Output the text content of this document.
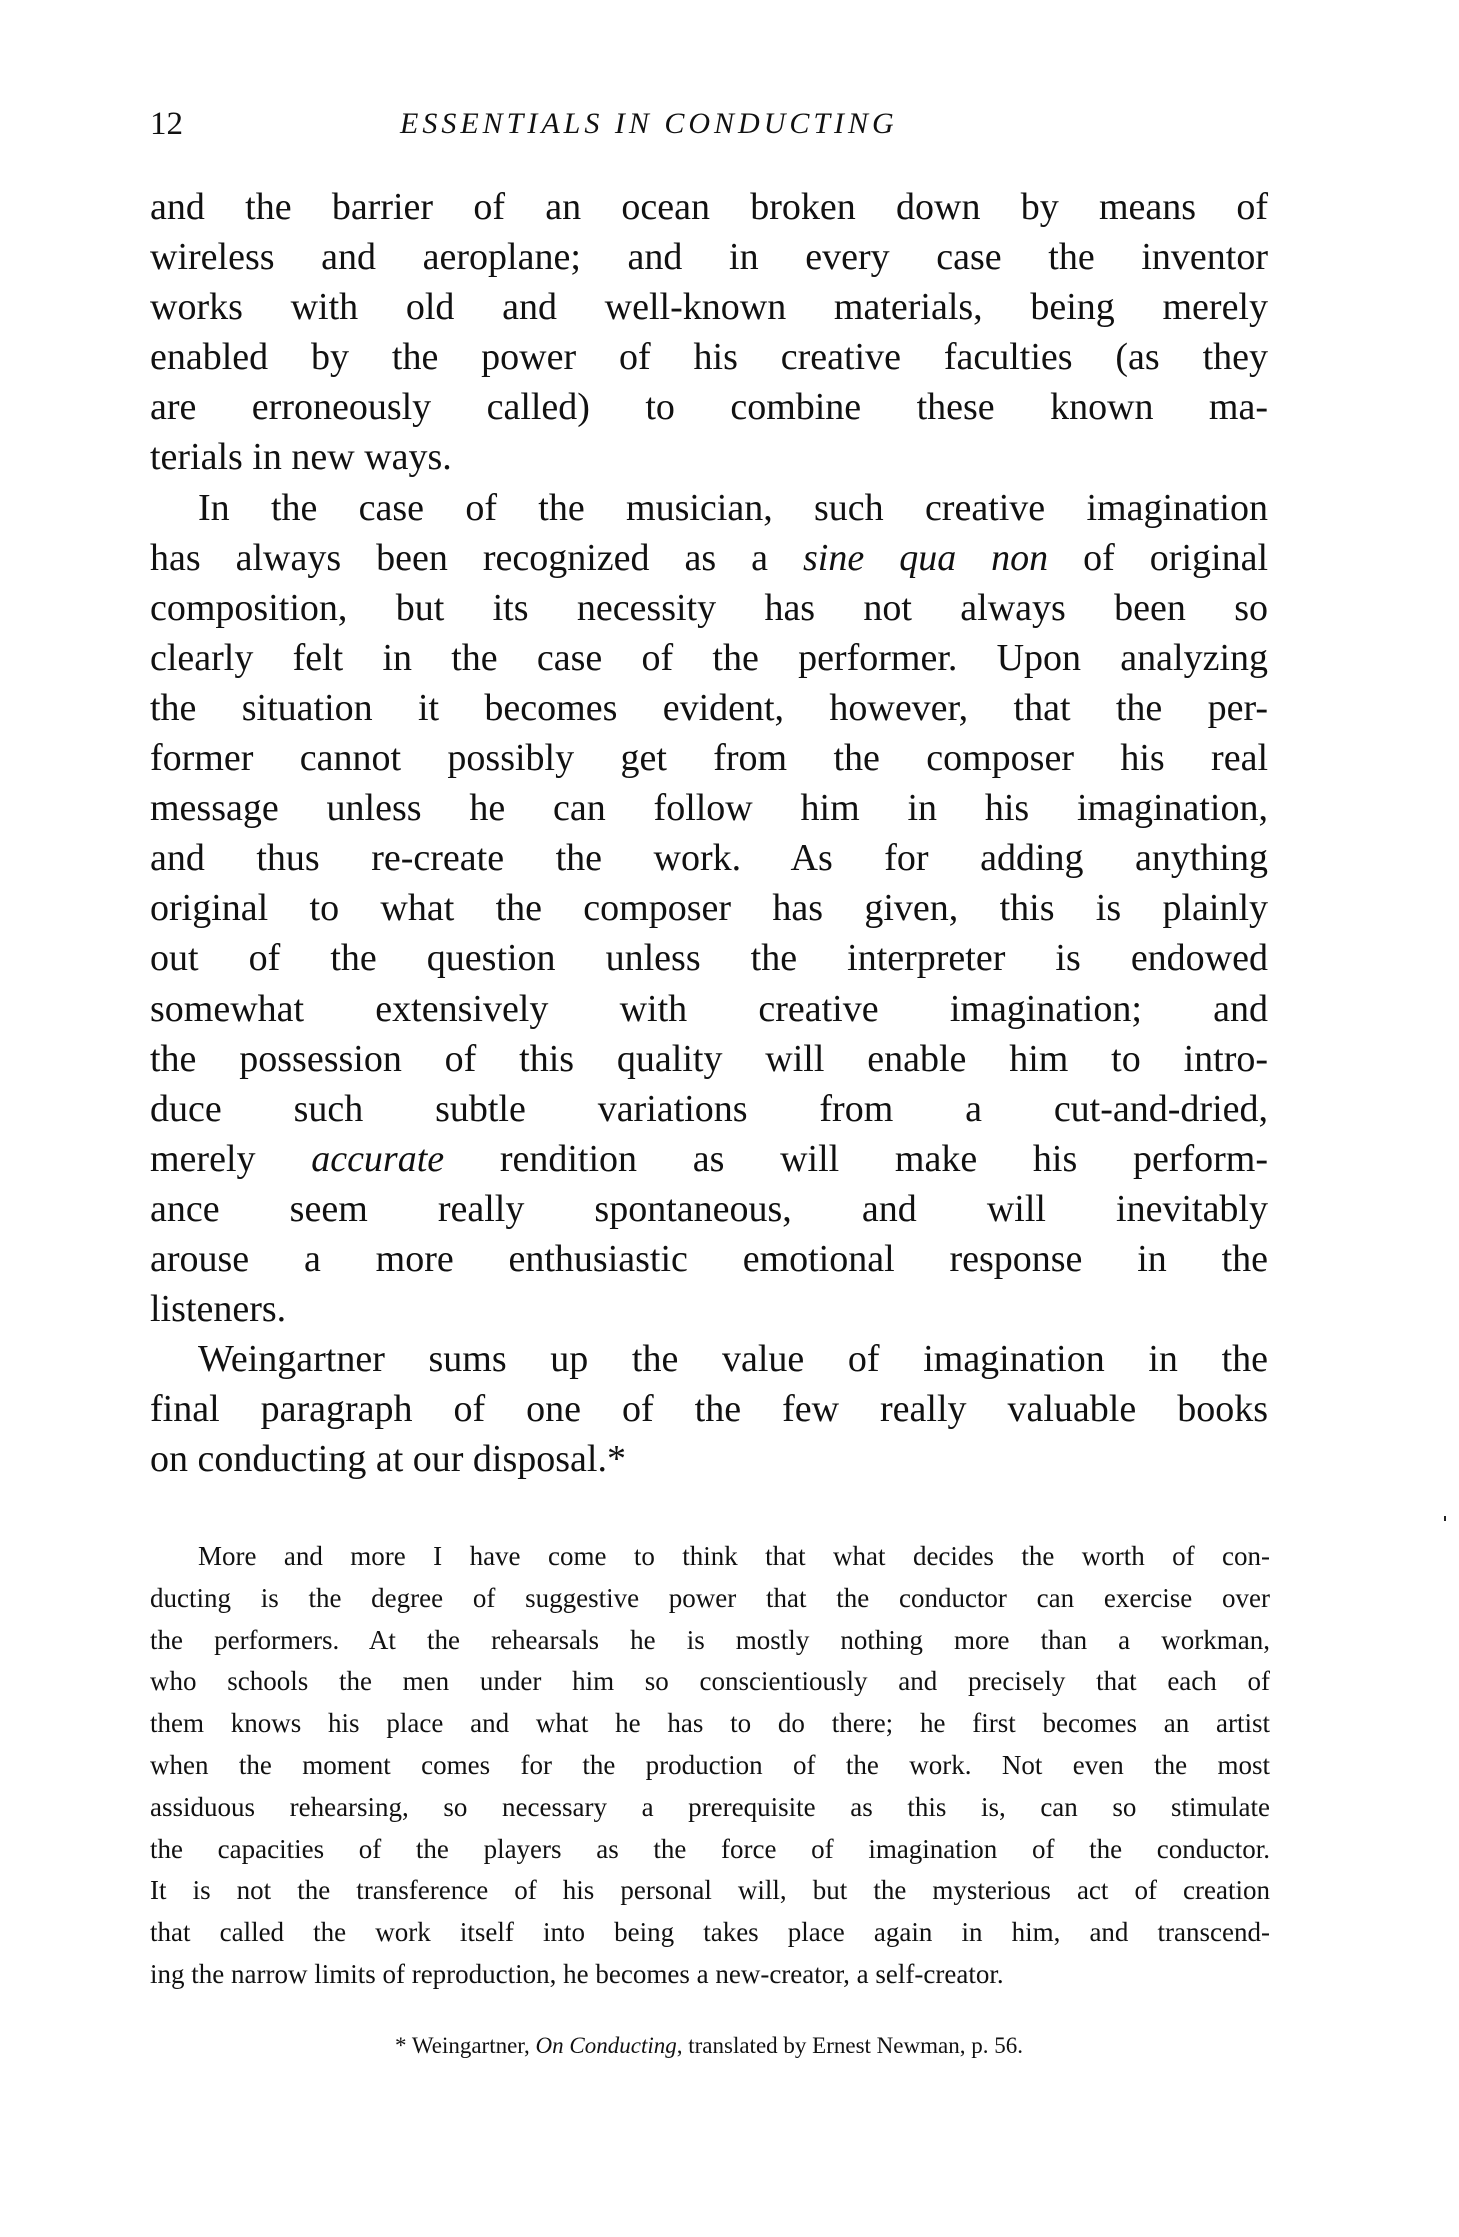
12	ESSENTIALS IN CONDUCTING
and the barrier of an ocean broken down by means of
wireless and aeroplane; and in every case the inventor
works with old and well-known materials, being merely
enabled by the power of his creative faculties (as they
are erroneously called) to combine these known ma-
terials in new ways.
In the case of the musician, such creative imagination
has always been recognized as a sine qua non of original
composition, but its necessity has not always been so
clearly felt in the case of the performer. Upon analyzing
the situation it becomes evident, however, that the per-
former cannot possibly get from the composer his real
message unless he can follow him in his imagination,
and thus re-create the work. As for adding anything
original to what the composer has given, this is plainly
out of the question unless the interpreter is endowed
somewhat extensively with creative imagination; and
the possession of this quality will enable him to intro-
duce such subtle variations from a cut-and-dried,
merely accurate rendition as will make his perform-
ance seem really spontaneous, and will inevitably
arouse a more enthusiastic emotional response in the
listeners.
Weingartner sums up the value of imagination in the
final paragraph of one of the few really valuable books
on conducting at our disposal.*
More and more I have come to think that what decides the worth of con-
ducting is the degree of suggestive power that the conductor can exercise over
the performers. At the rehearsals he is mostly nothing more than a workman,
who schools the men under him so conscientiously and precisely that each of
them knows his place and what he has to do there; he first becomes an artist
when the moment comes for the production of the work. Not even the most
assiduous rehearsing, so necessary a prerequisite as this is, can so stimulate
the capacities of the players as the force of imagination of the conductor.
It is not the transference of his personal will, but the mysterious act of creation
that called the work itself into being takes place again in him, and transcend-
ing the narrow limits of reproduction, he becomes a new-creator, a self-creator.
* Weingartner, On Conducting, translated by Ernest Newman, p. 56.
